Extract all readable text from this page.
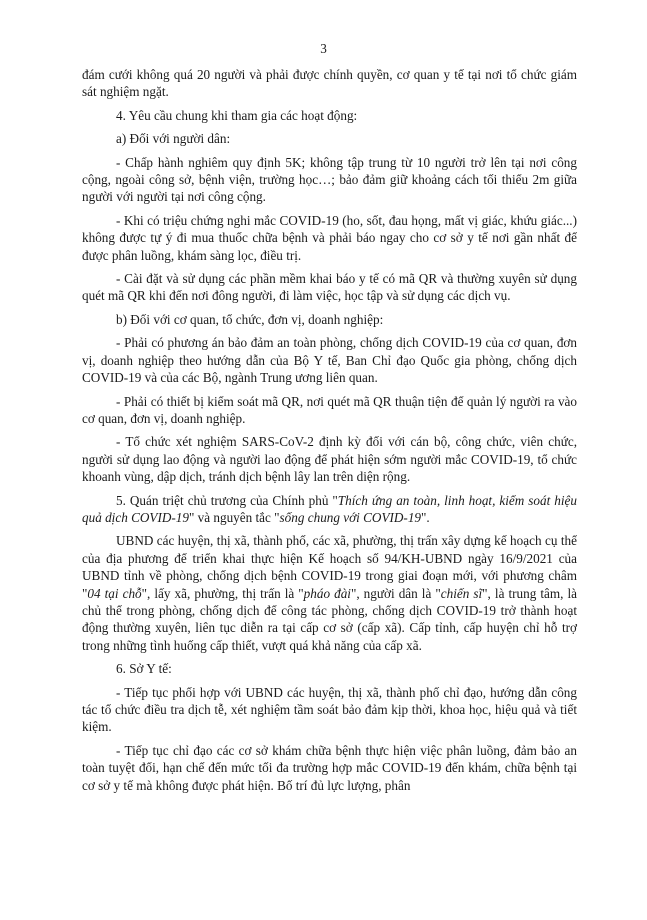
3

đám cưới không quá 20 người và phải được chính quyền, cơ quan y tế tại nơi tổ chức giám sát nghiệm ngặt.

4. Yêu cầu chung khi tham gia các hoạt động:

a) Đối với người dân:

- Chấp hành nghiêm quy định 5K; không tập trung từ 10 người trở lên tại nơi công cộng, ngoài công sở, bệnh viện, trường học…; bảo đảm giữ khoảng cách tối thiểu 2m giữa người với người tại nơi công cộng.

- Khi có triệu chứng nghi mắc COVID-19 (ho, sốt, đau họng, mất vị giác, khứu giác...) không được tự ý đi mua thuốc chữa bệnh và phải báo ngay cho cơ sở y tế nơi gần nhất để được phân luồng, khám sàng lọc, điều trị.

- Cài đặt và sử dụng các phần mềm khai báo y tế có mã QR và thường xuyên sử dụng quét mã QR khi đến nơi đông người, đi làm việc, học tập và sử dụng các dịch vụ.

b) Đối với cơ quan, tổ chức, đơn vị, doanh nghiệp:

- Phải có phương án bảo đảm an toàn phòng, chống dịch COVID-19 của cơ quan, đơn vị, doanh nghiệp theo hướng dẫn của Bộ Y tế, Ban Chỉ đạo Quốc gia phòng, chống dịch COVID-19 và của các Bộ, ngành Trung ương liên quan.

- Phải có thiết bị kiểm soát mã QR, nơi quét mã QR thuận tiện để quản lý người ra vào cơ quan, đơn vị, doanh nghiệp.

- Tổ chức xét nghiệm SARS-CoV-2 định kỳ đối với cán bộ, công chức, viên chức, người sử dụng lao động và người lao động để phát hiện sớm người mắc COVID-19, tổ chức khoanh vùng, dập dịch, tránh dịch bệnh lây lan trên diện rộng.

5. Quán triệt chủ trương của Chính phủ "Thích ứng an toàn, linh hoạt, kiểm soát hiệu quả dịch COVID-19" và nguyên tắc "sống chung với COVID-19".

UBND các huyện, thị xã, thành phố, các xã, phường, thị trấn xây dựng kế hoạch cụ thể của địa phương để triển khai thực hiện Kế hoạch số 94/KH-UBND ngày 16/9/2021 của UBND tỉnh về phòng, chống dịch bệnh COVID-19 trong giai đoạn mới, với phương châm "04 tại chỗ", lấy xã, phường, thị trấn là "pháo đài", người dân là "chiến sĩ", là trung tâm, là chủ thể trong phòng, chống dịch để công tác phòng, chống dịch COVID-19 trở thành hoạt động thường xuyên, liên tục diễn ra tại cấp cơ sở (cấp xã). Cấp tỉnh, cấp huyện chỉ hỗ trợ trong những tình huống cấp thiết, vượt quá khả năng của cấp xã.

6. Sở Y tế:

- Tiếp tục phối hợp với UBND các huyện, thị xã, thành phố chỉ đạo, hướng dẫn công tác tổ chức điều tra dịch tễ, xét nghiệm tầm soát bảo đảm kịp thời, khoa học, hiệu quả và tiết kiệm.

- Tiếp tục chỉ đạo các cơ sở khám chữa bệnh thực hiện việc phân luồng, đảm bảo an toàn tuyệt đối, hạn chế đến mức tối đa trường hợp mắc COVID-19 đến khám, chữa bệnh tại cơ sở y tế mà không được phát hiện. Bố trí đủ lực lượng, phân
